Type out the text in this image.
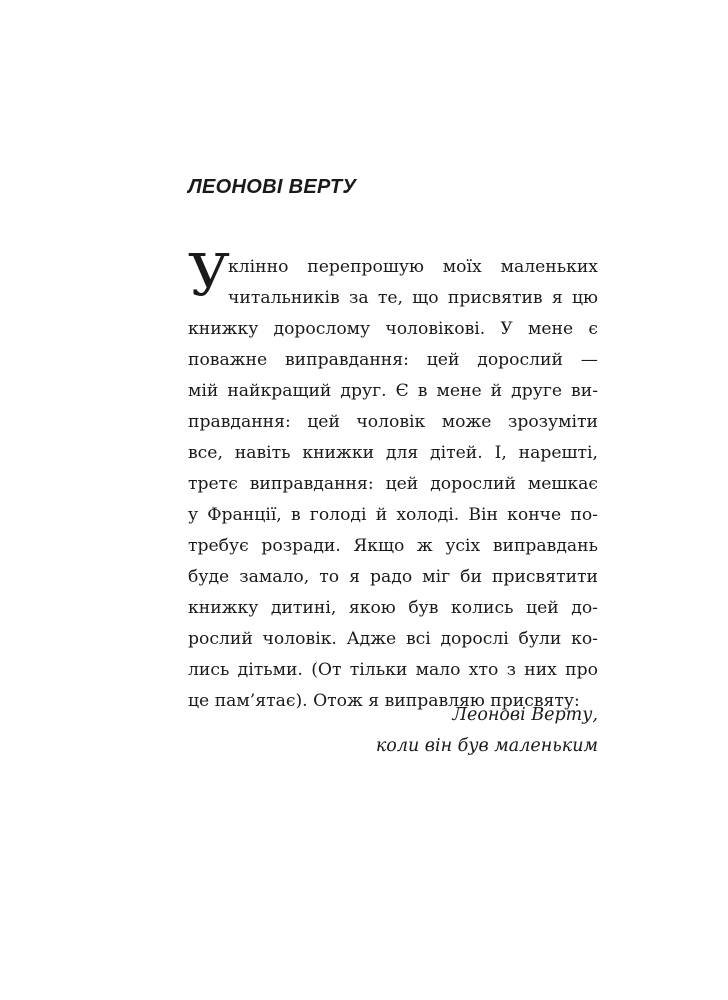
ЛЕОНОВІ ВЕРТУ
У
клінно перепрошую моїх маленьких
читальників за те, що присвятив я цю
книжку дорослому чоловікові. У мене є
поважне виправдання: цей дорослий —
мій найкращий друг. Є в мене й друге ви-
правдання: цей чоловік може зрозуміти
все, навіть книжки для дітей. І, нарешті,
третє виправдання: цей дорослий мешкає
у Франції, в голоді й холоді. Він конче по-
требує розради. Якщо ж усіх виправдань
буде замало, то я радо міг би присвятити
книжку дитині, якою був колись цей до-
рослий чоловік. Адже всі дорослі були ко-
лись дітьми. (От тільки мало хто з них про
це пам’ятає). Отож я виправляю присвяту:
Леонові Верту,
коли він був маленьким
